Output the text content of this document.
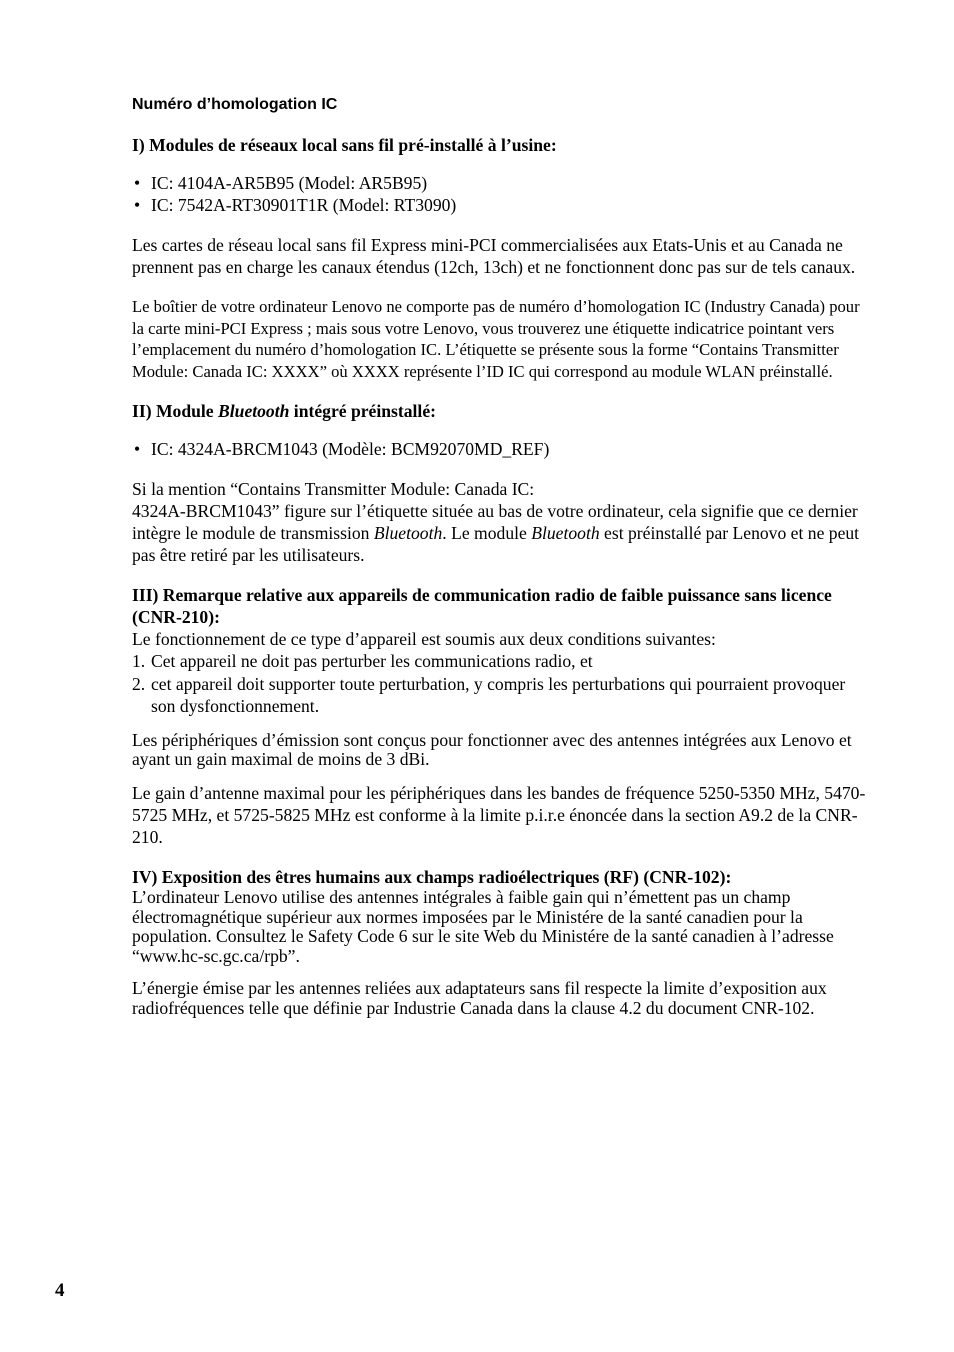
Numéro d’homologation IC
I) Modules de réseaux local sans fil pré-installé à l’usine:
• IC: 4104A-AR5B95 (Model: AR5B95)
• IC: 7542A-RT30901T1R (Model: RT3090)

Les cartes de réseau local sans fil Express mini-PCI commercialisées aux Etats-Unis et au Canada ne prennent pas en charge les canaux étendus (12ch, 13ch) et ne fonctionnent donc pas sur de tels canaux.

Le boîtier de votre ordinateur Lenovo ne comporte pas de numéro d’homologation IC (Industry Canada) pour la carte mini-PCI Express ; mais sous votre Lenovo, vous trouverez une étiquette indicatrice pointant vers l’emplacement du numéro d’homologation IC. L’étiquette se présente sous la forme “Contains Transmitter Module: Canada IC: XXXX” où XXXX représente l’ID IC qui correspond au module WLAN préinstallé.

II) Module Bluetooth intégré préinstallé:
• IC: 4324A-BRCM1043 (Modèle: BCM92070MD_REF)

Si la mention “Contains Transmitter Module: Canada IC:
4324A-BRCM1043” figure sur l’étiquette située au bas de votre ordinateur, cela signifie que ce dernier intègre le module de transmission Bluetooth. Le module Bluetooth est préinstallé par Lenovo et ne peut pas être retiré par les utilisateurs.

III) Remarque relative aux appareils de communication radio de faible puissance sans licence (CNR-210):

Le fonctionnement de ce type d’appareil est soumis aux deux conditions suivantes:

1. Cet appareil ne doit pas perturber les communications radio, et
2. cet appareil doit supporter toute perturbation, y compris les perturbations qui pourraient provoquer son dysfonctionnement.

Les périphériques d’émission sont conçus pour fonctionner avec des antennes intégrées aux Lenovo et ayant un gain maximal de moins de 3 dBi.

Le gain d’antenne maximal pour les périphériques dans les bandes de fréquence 5250-5350 MHz, 5470-5725 MHz, et 5725-5825 MHz est conforme à la limite p.i.r.e énoncée dans la section A9.2 de la CNR-210.

IV) Exposition des êtres humains aux champs radioélectriques (RF) (CNR-102):

L’ordinateur Lenovo utilise des antennes intégrales à faible gain qui n’émettent pas un champ électromagnétique supérieur aux normes imposées par le Ministére de la santé canadien pour la population. Consultez le Safety Code 6 sur le site Web du Ministére de la santé canadien à l’adresse “www.hc-sc.gc.ca/rpb”.

L’énergie émise par les antennes reliées aux adaptateurs sans fil respecte la limite d’exposition aux radiofréquences telle que définie par Industrie Canada dans la clause 4.2 du document CNR-102.

4
